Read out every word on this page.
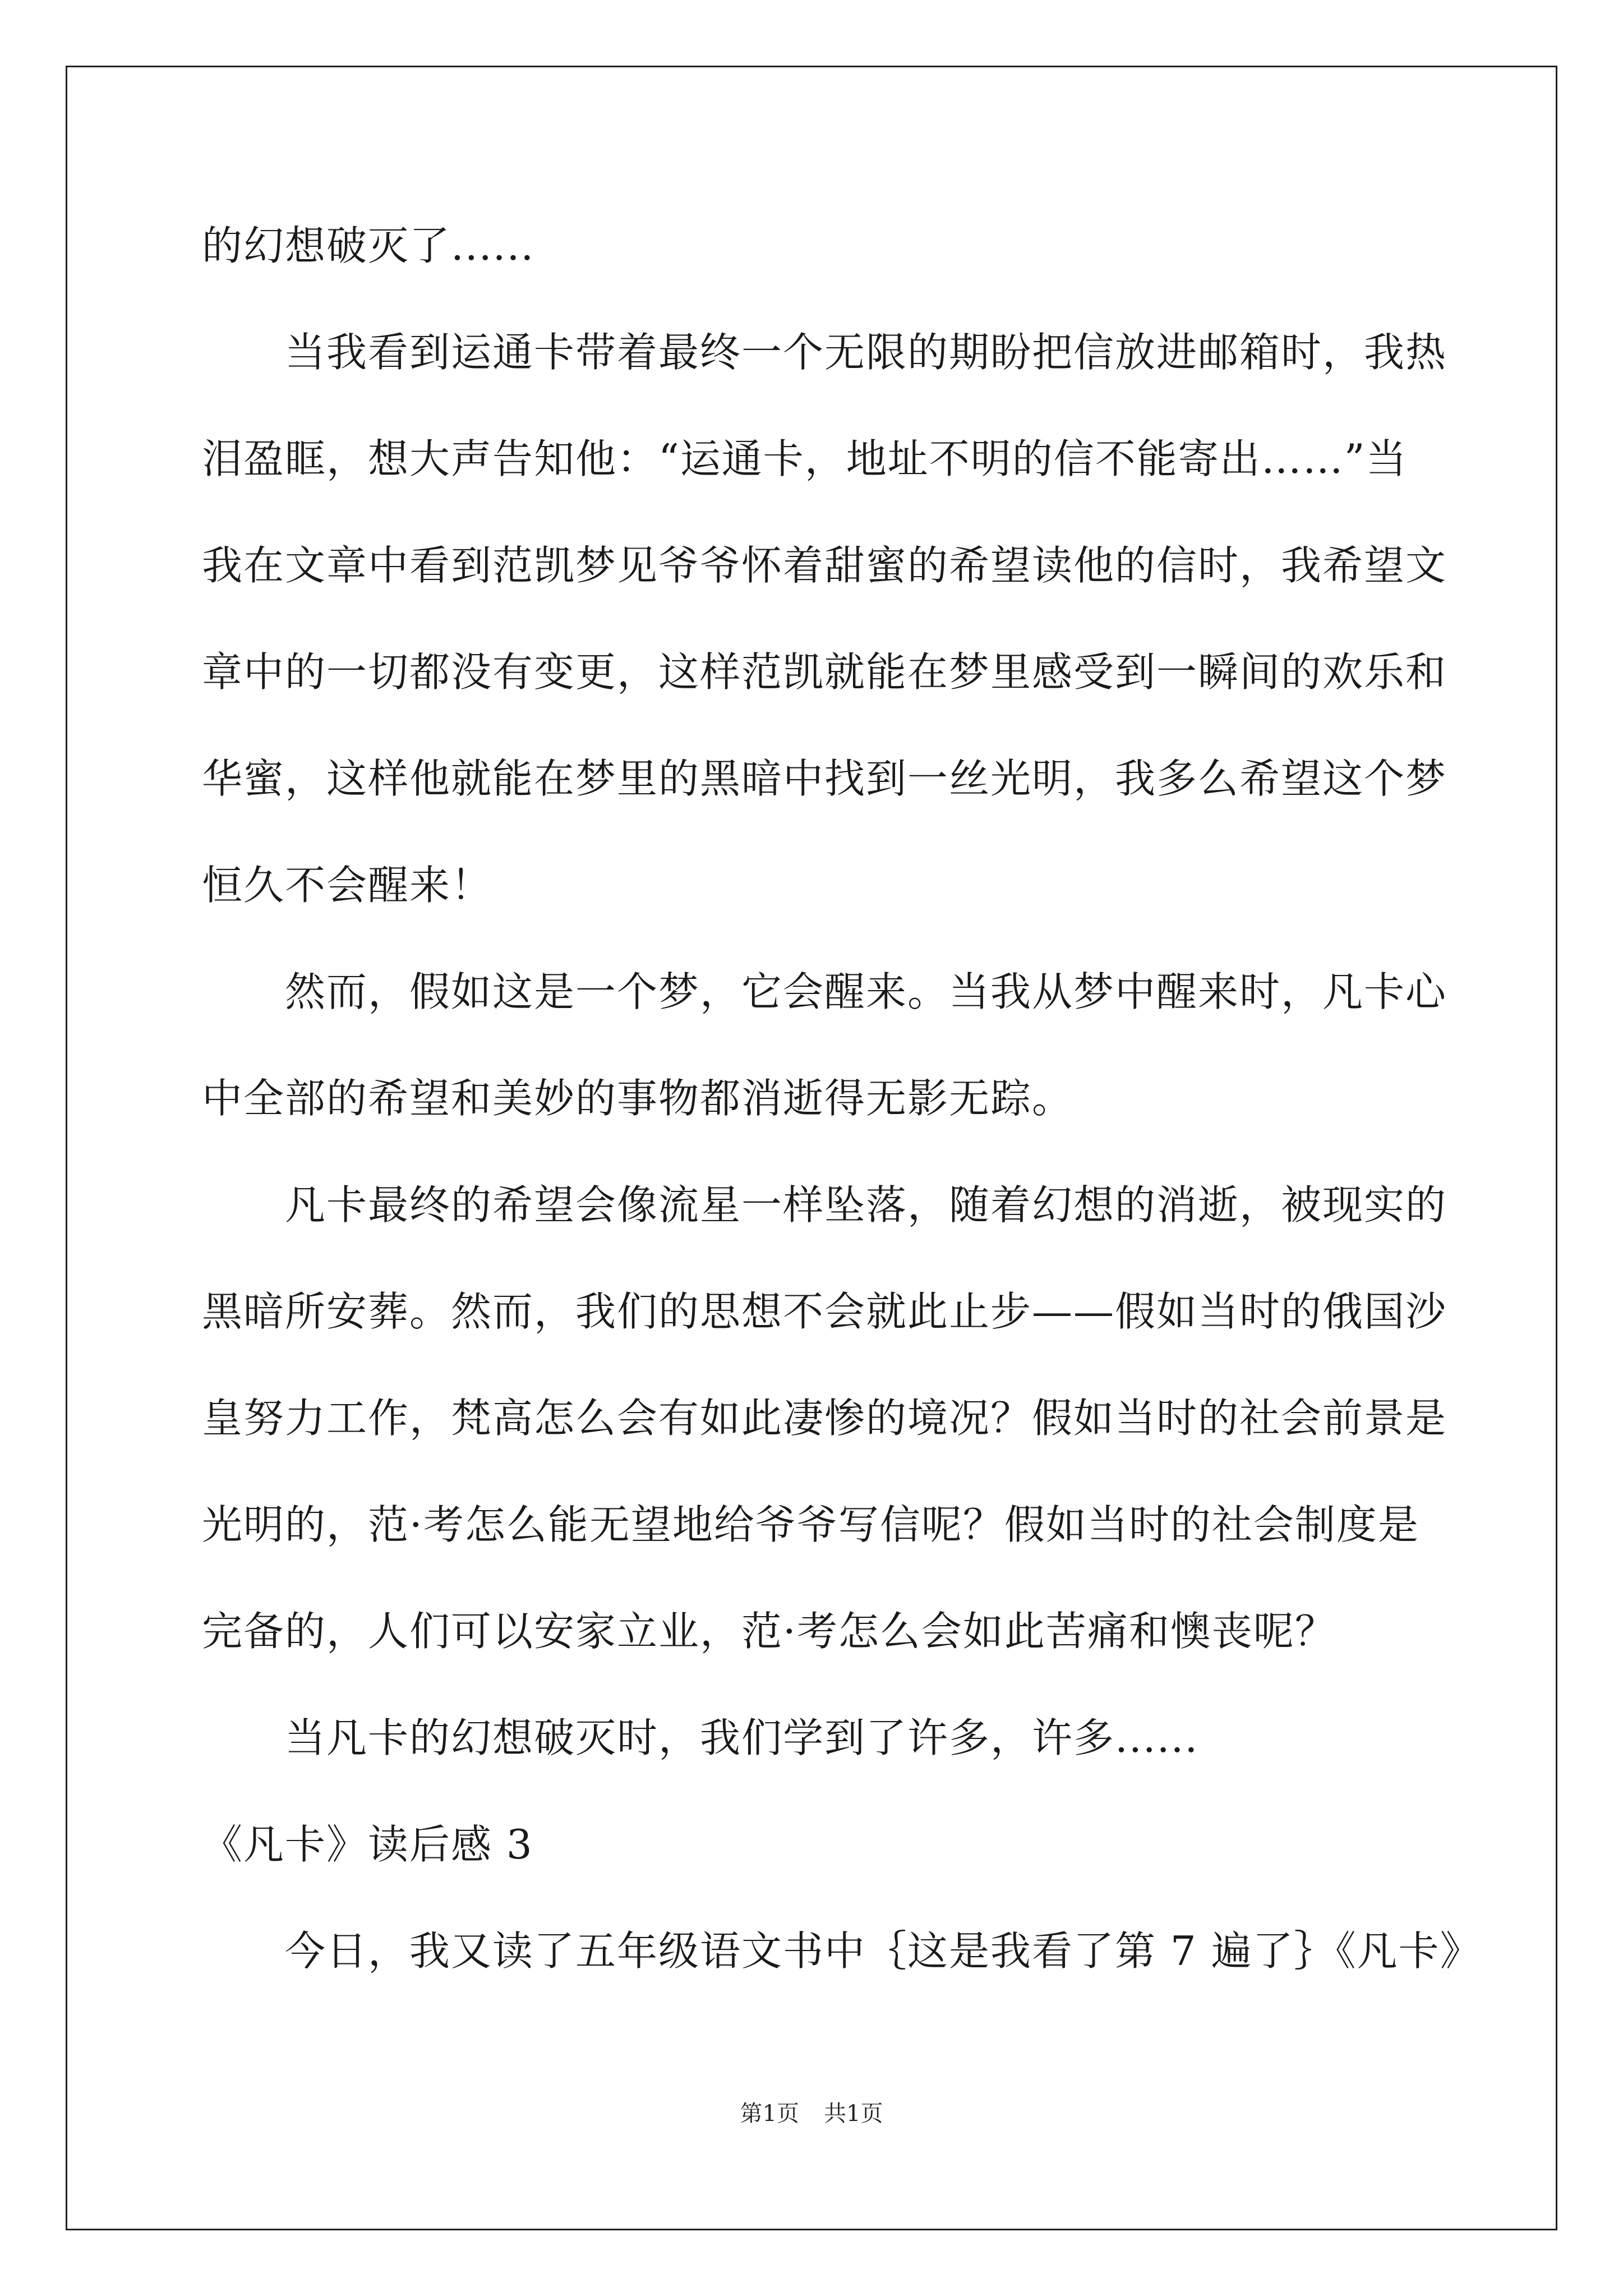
的幻想破灭了......
当我看到运通卡带着最终一个无限的期盼把信放进邮箱时，我热
泪盈眶，想大声告知他：“运通卡，地址不明的信不能寄出……”当
我在文章中看到范凯梦见爷爷怀着甜蜜的希望读他的信时，我希望文
章中的一切都没有变更，这样范凯就能在梦里感受到一瞬间的欢乐和
华蜜，这样他就能在梦里的黑暗中找到一丝光明，我多么希望这个梦
恒久不会醒来！
然而，假如这是一个梦，它会醒来。当我从梦中醒来时，凡卡心
中全部的希望和美妙的事物都消逝得无影无踪。
凡卡最终的希望会像流星一样坠落，随着幻想的消逝，被现实的
黑暗所安葬。然而，我们的思想不会就此止步——假如当时的俄国沙
皇努力工作，梵高怎么会有如此凄惨的境况？假如当时的社会前景是
光明的，范·考怎么能无望地给爷爷写信呢？假如当时的社会制度是
完备的，人们可以安家立业，范·考怎么会如此苦痛和懊丧呢？
当凡卡的幻想破灭时，我们学到了许多，许多......
《凡卡》读后感 3
今日，我又读了五年级语文书中｛这是我看了第 7 遍了｝《凡卡》
第1页 共1页
